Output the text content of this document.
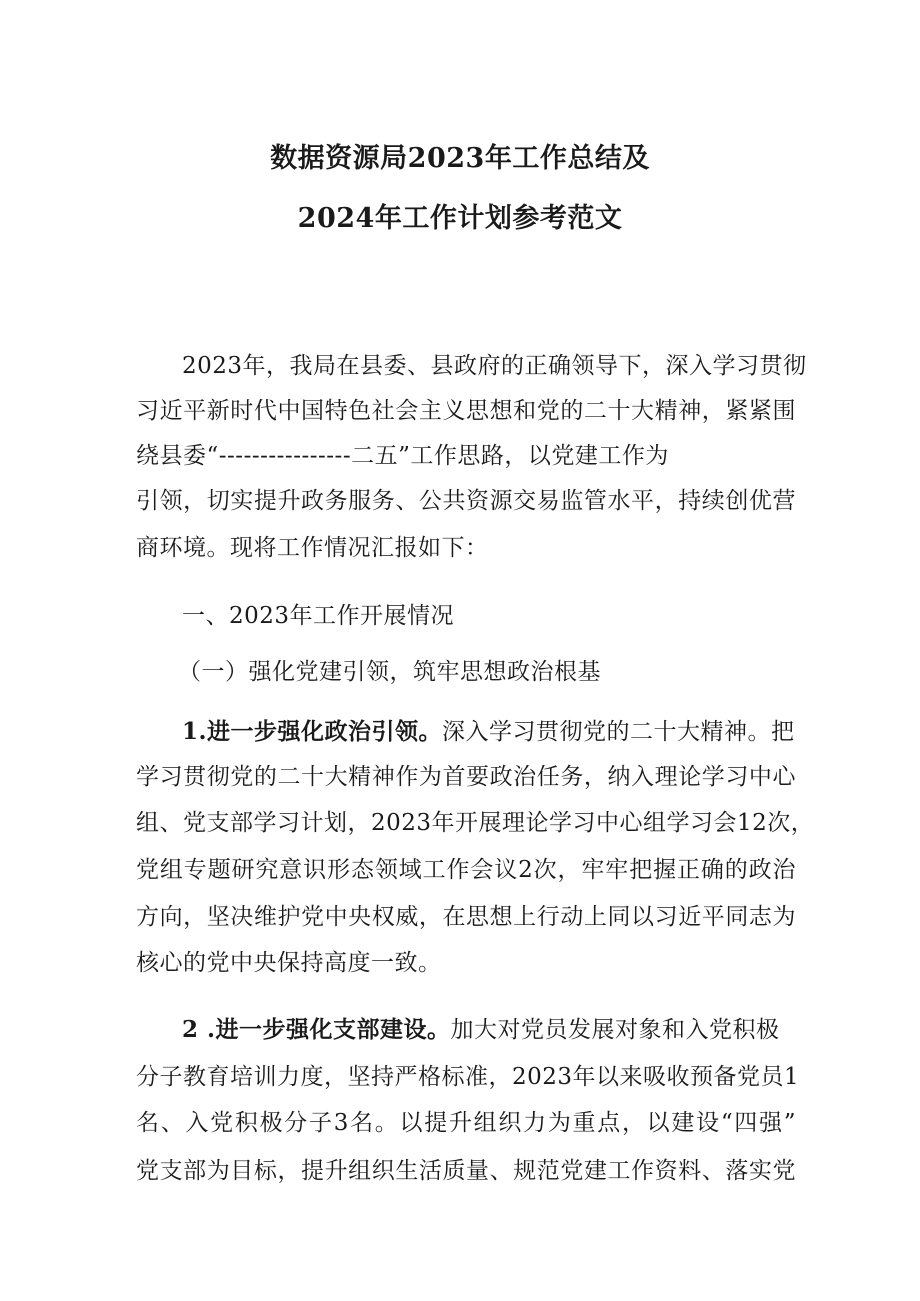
数据资源局2023年工作总结及
2024年工作计划参考范文
2023年，我局在县委、县政府的正确领导下，深入学习贯彻
习近平新时代中国特色社会主义思想和党的二十大精神，紧紧围
绕县委“----------------二五”工作思路，以党建工作为
引领，切实提升政务服务、公共资源交易监管水平，持续创优营
商环境。现将工作情况汇报如下：
一、2023年工作开展情况
（一）强化党建引领，筑牢思想政治根基
1.进一步强化政治引领。深入学习贯彻党的二十大精神。把
学习贯彻党的二十大精神作为首要政治任务，纳入理论学习中心
组、党支部学习计划，2023年开展理论学习中心组学习会12次，
党组专题研究意识形态领域工作会议2次，牢牢把握正确的政治
方向，坚决维护党中央权威，在思想上行动上同以习近平同志为
核心的党中央保持高度一致。
2 .进一步强化支部建设。加大对党员发展对象和入党积极
分子教育培训力度，坚持严格标准，2023年以来吸收预备党员1
名、入党积极分子3名。以提升组织力为重点，以建设“四强”
党支部为目标，提升组织生活质量、规范党建工作资料、落实党
